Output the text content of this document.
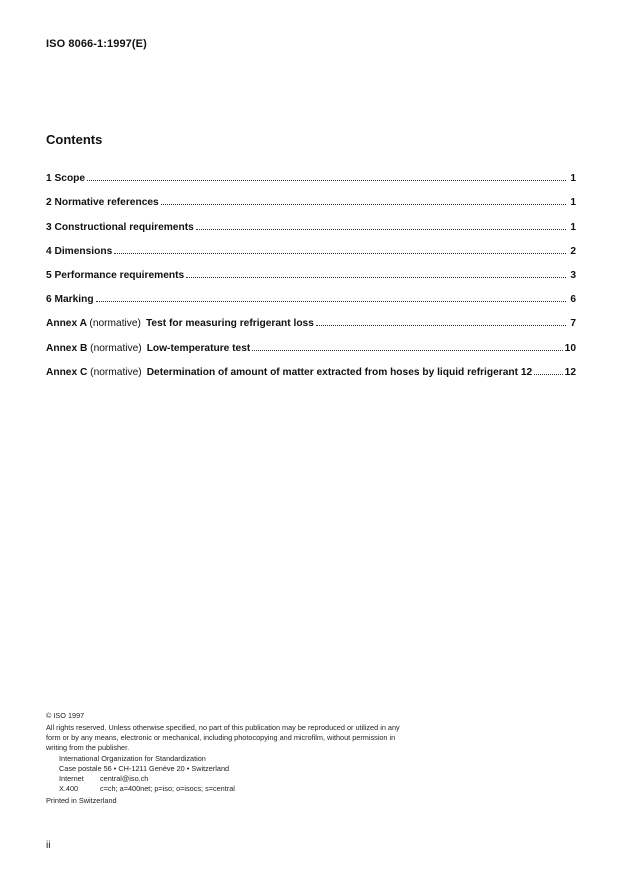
ISO 8066-1:1997(E)
Contents
1 Scope	1
2 Normative references	1
3 Constructional requirements	1
4 Dimensions	2
5 Performance requirements	3
6 Marking	6
Annex A (normative) Test for measuring refrigerant loss	7
Annex B (normative) Low-temperature test	10
Annex C (normative) Determination of amount of matter extracted from hoses by liquid refrigerant 12	12
© ISO 1997
All rights reserved. Unless otherwise specified, no part of this publication may be reproduced or utilized in any form or by any means, electronic or mechanical, including photocopying and microfilm, without permission in writing from the publisher.
International Organization for Standardization
Case postale 56 • CH-1211 Genève 20 • Switzerland
Internet	central@iso.ch
X.400	c=ch; a=400net; p=iso; o=isocs; s=central
Printed in Switzerland
ii
